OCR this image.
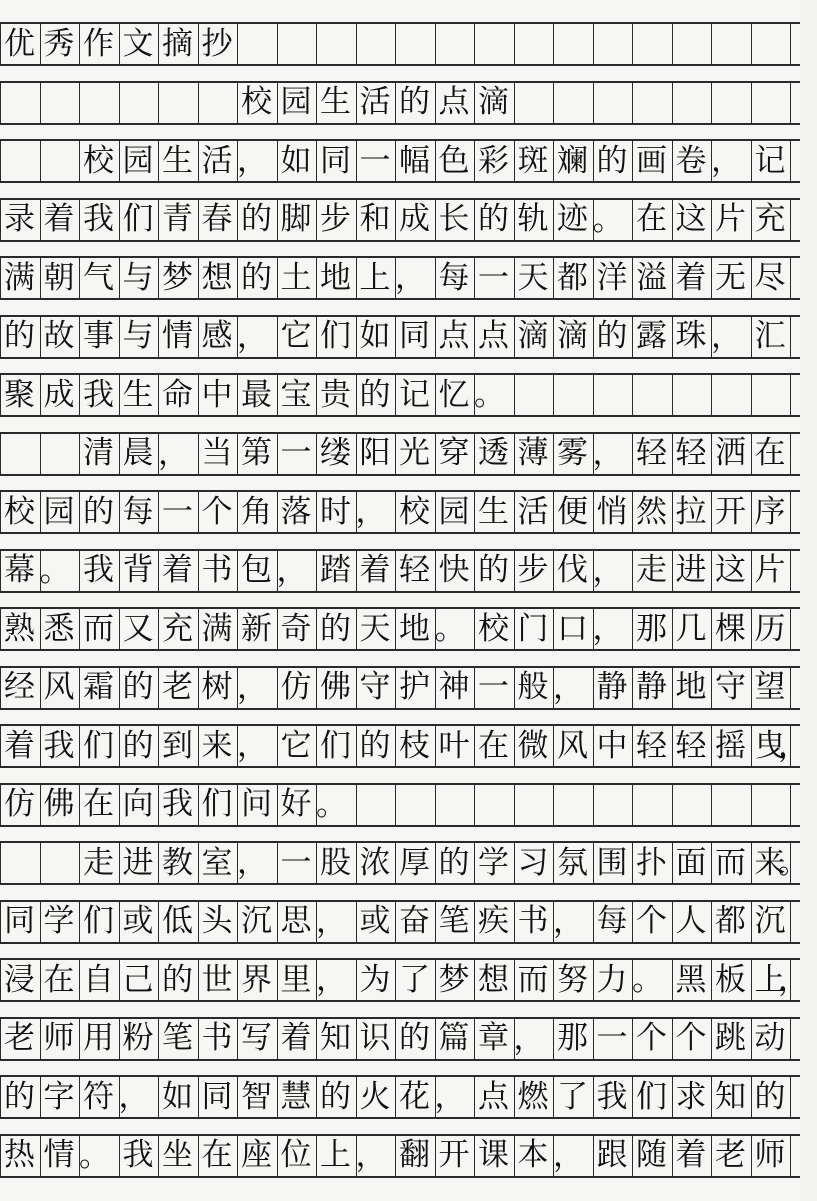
优 秀 作 文 摘 抄
校 园 生 活 的 点 滴
校 园 生 活 ， 如 同 一 幅 色 彩 斑 斓 的 画 卷 ， 记
录 着 我 们 青 春 的 脚 步 和 成 长 的 轨 迹 。 在 这 片 充
满 朝 气 与 梦 想 的 土 地 上 ， 每 一 天 都 洋 溢 着 无 尽
的 故 事 与 情 感 ， 它 们 如 同 点 点 滴 滴 的 露 珠 ， 汇
聚 成 我 生 命 中 最 宝 贵 的 记 忆 。
清 晨 ， 当 第 一 缕 阳 光 穿 透 薄 雾 ， 轻 轻 洒 在
校 园 的 每 一 个 角 落 时 ， 校 园 生 活 便 悄 然 拉 开 序
幕 。 我 背 着 书 包 ， 踏 着 轻 快 的 步 伐 ， 走 进 这 片
熟 悉 而 又 充 满 新 奇 的 天 地 。 校 门 口 ， 那 几 棵 历
经 风 霜 的 老 树 ， 仿 佛 守 护 神 一 般 ， 静 静 地 守 望
着 我 们 的 到 来 ， 它 们 的 枝 叶 在 微 风 中 轻 轻 摇 曳
，
仿 佛 在 向 我 们 问 好 。
走 进 教 室 ， 一 股 浓 厚 的 学 习 氛 围 扑 面 而 来
。
同 学 们 或 低 头 沉 思 ， 或 奋 笔 疾 书 ， 每 个 人 都 沉
浸 在 自 己 的 世 界 里 ， 为 了 梦 想 而 努 力 。 黑 板 上
，
老 师 用 粉 笔 书 写 着 知 识 的 篇 章 ， 那 一 个 个 跳 动
的 字 符 ， 如 同 智 慧 的 火 花 ， 点 燃 了 我 们 求 知 的
热 情 。 我 坐 在 座 位 上 ， 翻 开 课 本 ， 跟 随 着 老 师
